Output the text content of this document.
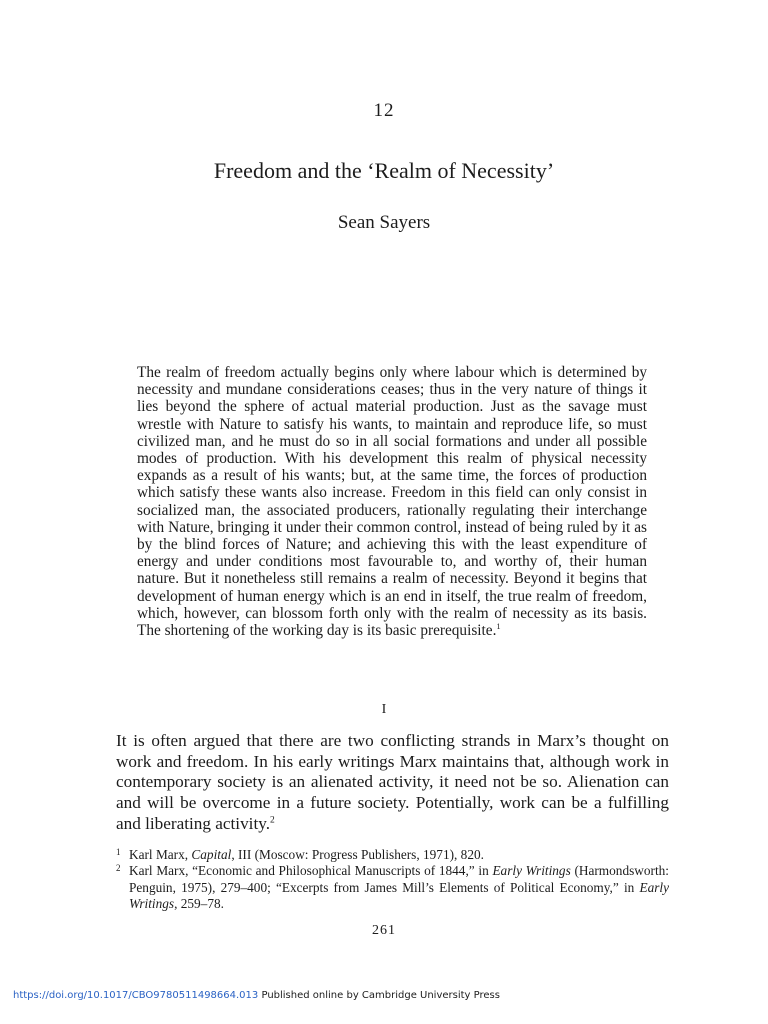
12
Freedom and the ‘Realm of Necessity’
Sean Sayers
The realm of freedom actually begins only where labour which is determined by necessity and mundane considerations ceases; thus in the very nature of things it lies beyond the sphere of actual material production. Just as the savage must wrestle with Nature to satisfy his wants, to maintain and reproduce life, so must civilized man, and he must do so in all social formations and under all possible modes of production. With his development this realm of physical necessity expands as a result of his wants; but, at the same time, the forces of production which satisfy these wants also increase. Freedom in this field can only consist in socialized man, the associated producers, rationally regulating their interchange with Nature, bringing it under their common control, instead of being ruled by it as by the blind forces of Nature; and achieving this with the least expenditure of energy and under conditions most favourable to, and worthy of, their human nature. But it nonetheless still remains a realm of necessity. Beyond it begins that development of human energy which is an end in itself, the true realm of freedom, which, however, can blossom forth only with the realm of necessity as its basis. The shortening of the working day is its basic prerequisite.$^1$
I
It is often argued that there are two conflicting strands in Marx’s thought on work and freedom. In his early writings Marx maintains that, although work in contemporary society is an alienated activity, it need not be so. Alienation can and will be overcome in a future society. Potentially, work can be a fulfilling and liberating activity.$^2$
1 Karl Marx, Capital, III (Moscow: Progress Publishers, 1971), 820.
2 Karl Marx, “Economic and Philosophical Manuscripts of 1844,” in Early Writings (Harmondsworth: Penguin, 1975), 279–400; “Excerpts from James Mill’s Elements of Political Economy,” in Early Writings, 259–78.
261
https://doi.org/10.1017/CBO9780511498664.013 Published online by Cambridge University Press
